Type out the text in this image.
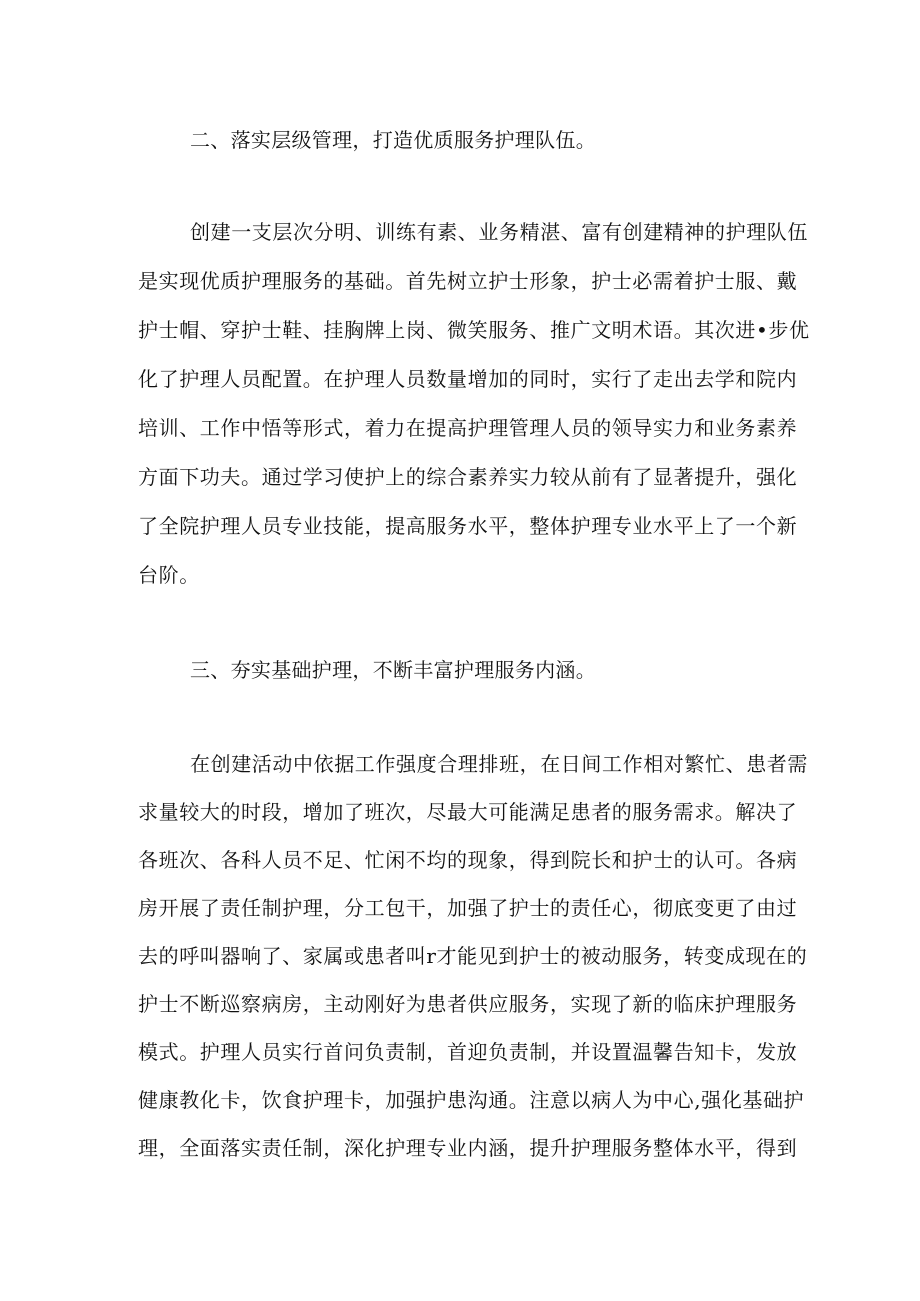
二、落实层级管理，打造优质服务护理队伍。
创建一支层次分明、训练有素、业务精湛、富有创建精神的护理队伍
是实现优质护理服务的基础。首先树立护士形象，护士必需着护士服、戴
护士帽、穿护士鞋、挂胸牌上岗、微笑服务、推广文明术语。其次进•步优
化了护理人员配置。在护理人员数量增加的同时，实行了走出去学和院内
培训、工作中悟等形式，着力在提高护理管理人员的领导实力和业务素养
方面下功夫。通过学习使护上的综合素养实力较从前有了显著提升，强化
了全院护理人员专业技能，提高服务水平，整体护理专业水平上了一个新
台阶。
三、夯实基础护理，不断丰富护理服务内涵。
在创建活动中依据工作强度合理排班，在日间工作相对繁忙、患者需
求量较大的时段，增加了班次，尽最大可能满足患者的服务需求。解决了
各班次、各科人员不足、忙闲不均的现象，得到院长和护士的认可。各病
房开展了责任制护理，分工包干，加强了护士的责任心，彻底变更了由过
去的呼叫器响了、家属或患者叫r才能见到护士的被动服务，转变成现在的
护士不断巡察病房，主动刚好为患者供应服务，实现了新的临床护理服务
模式。护理人员实行首问负责制，首迎负责制，并设置温馨告知卡，发放
健康教化卡，饮食护理卡，加强护患沟通。注意以病人为中心,强化基础护
理，全面落实责任制，深化护理专业内涵，提升护理服务整体水平，得到
